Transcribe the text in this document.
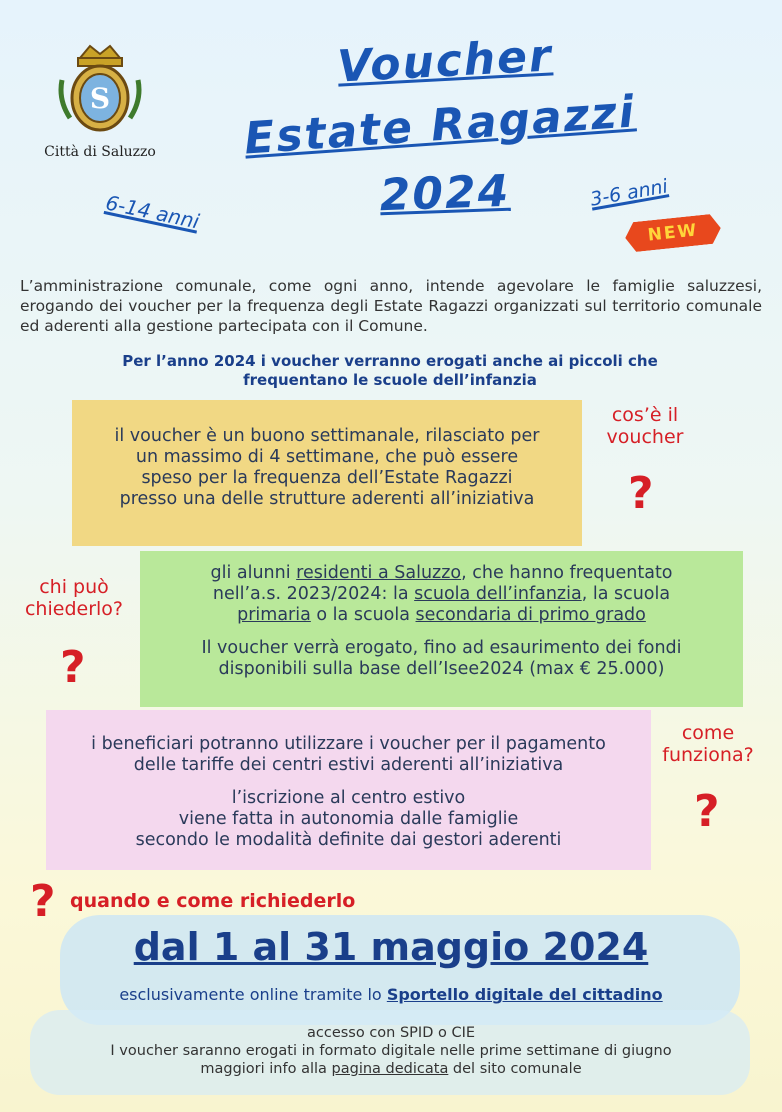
S
Città di Saluzzo
Voucher
Estate Ragazzi
2024
6-14 anni	3-6 anni
NEW
L’amministrazione comunale, come ogni anno, intende agevolare le famiglie saluzzesi, erogando dei voucher per la frequenza degli Estate Ragazzi organizzati sul territorio comunale ed aderenti alla gestione partecipata con il Comune.
Per l’anno 2024 i voucher verranno erogati anche ai piccoli che
frequentano le scuole dell’infanzia
il voucher è un buono settimanale, rilasciato per
un massimo di 4 settimane, che può essere
speso per la frequenza dell’Estate Ragazzi
presso una delle strutture aderenti all’iniziativa
cos’è il
voucher
?
gli alunni residenti a Saluzzo, che hanno frequentato
nell’a.s. 2023/2024: la scuola dell’infanzia, la scuola
primaria o la scuola secondaria di primo grado
Il voucher verrà erogato, fino ad esaurimento dei fondi
disponibili sulla base dell’Isee2024 (max € 25.000)
chi può
chiederlo?
?
i beneficiari potranno utilizzare i voucher per il pagamento
delle tariffe dei centri estivi aderenti all’iniziativa
l’iscrizione al centro estivo
viene fatta in autonomia dalle famiglie
secondo le modalità definite dai gestori aderenti
come
funziona?
?
? quando e come richiederlo
dal 1 al 31 maggio 2024
esclusivamente online tramite lo Sportello digitale del cittadino
accesso con SPID o CIE
I voucher saranno erogati in formato digitale nelle prime settimane di giugno
maggiori info alla pagina dedicata del sito comunale
